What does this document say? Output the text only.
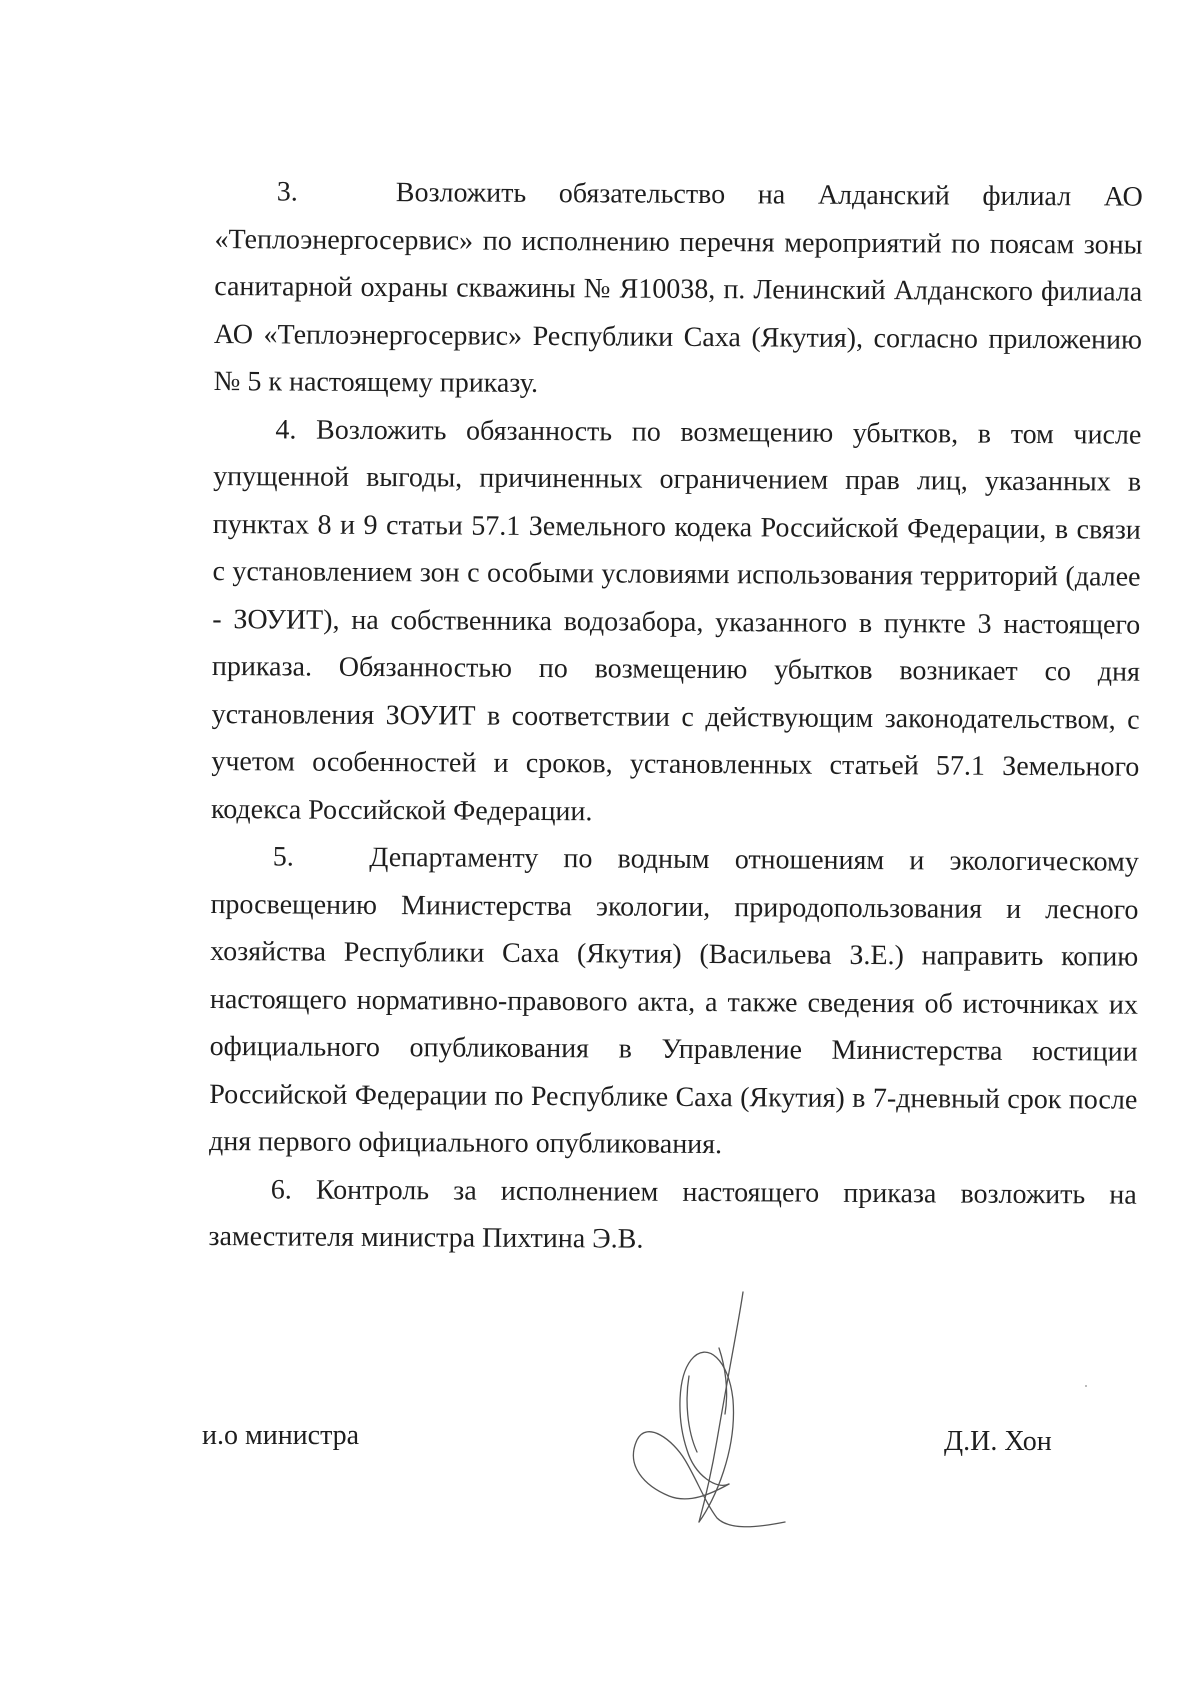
3.   Возложить обязательство на Алданский филиал АО «Теплоэнергосервис» по исполнению перечня мероприятий по поясам зоны санитарной охраны скважины № Я10038, п. Ленинский Алданского филиала АО «Теплоэнергосервис» Республики Саха (Якутия), согласно приложению № 5 к настоящему приказу.

4. Возложить обязанность по возмещению убытков, в том числе упущенной выгоды, причиненных ограничением прав лиц, указанных в пунктах 8 и 9 статьи 57.1 Земельного кодека Российской Федерации, в связи с установлением зон с особыми условиями использования территорий (далее - ЗОУИТ), на собственника водозабора, указанного в пункте 3 настоящего приказа. Обязанностью по возмещению убытков возникает со дня установления ЗОУИТ в соответствии с действующим законодательством, с учетом особенностей и сроков, установленных статьей 57.1 Земельного кодекса Российской Федерации.

5.   Департаменту по водным отношениям и экологическому просвещению Министерства экологии, природопользования и лесного хозяйства Республики Саха (Якутия) (Васильева З.Е.) направить копию настоящего нормативно-правового акта, а также сведения об источниках их официального опубликования в Управление Министерства юстиции Российской Федерации по Республике Саха (Якутия) в 7-дневный срок после дня первого официального опубликования.

6. Контроль за исполнением настоящего приказа возложить на заместителя министра Пихтина Э.В.

и.о министра	Д.И. Хон
